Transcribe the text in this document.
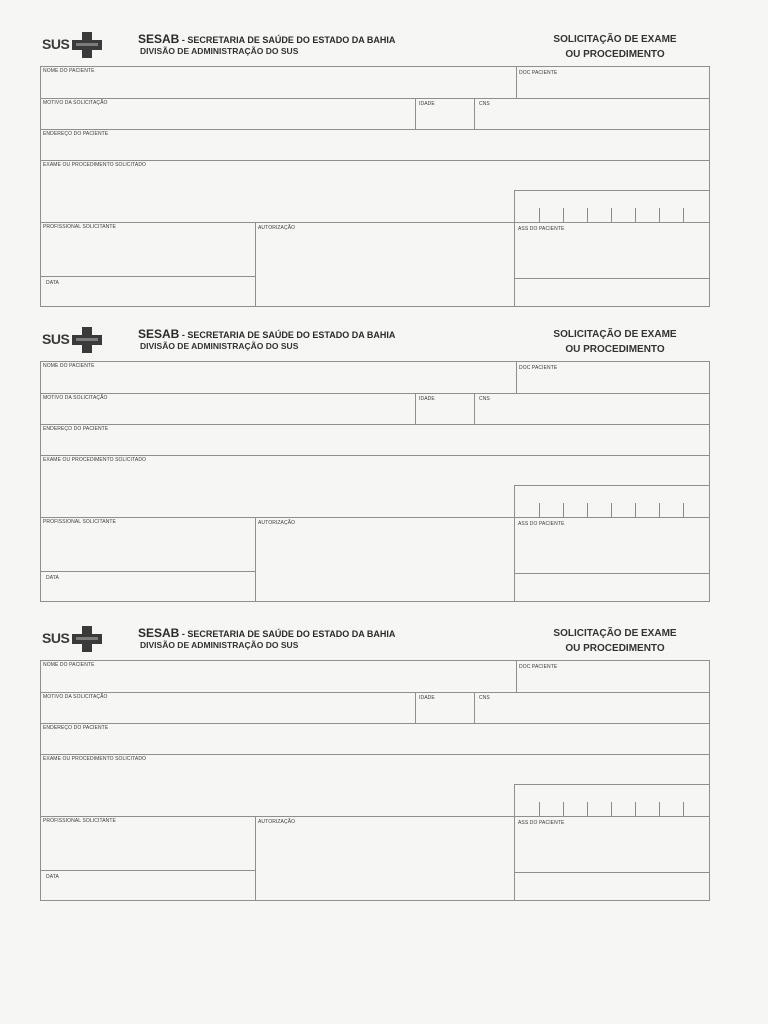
SUS	SESAB - SECRETARIA DE SAÚDE DO ESTADO DA BAHIA
DIVISÃO DE ADMINISTRAÇÃO DO SUS
SOLICITAÇÃO DE EXAME
OU PROCEDIMENTO
NOME DO PACIENTE	DOC PACIENTE
MOTIVO DA SOLICITAÇÃO	IDADE	CNS
ENDEREÇO DO PACIENTE
EXAME OU PROCEDIMENTO SOLICITADO
PROFISSIONAL SOLICITANTE	AUTORIZAÇÃO	ASS DO PACIENTE
DATA
SUS	SESAB - SECRETARIA DE SAÚDE DO ESTADO DA BAHIA
DIVISÃO DE ADMINISTRAÇÃO DO SUS
SOLICITAÇÃO DE EXAME
OU PROCEDIMENTO
NOME DO PACIENTE	DOC PACIENTE
MOTIVO DA SOLICITAÇÃO	IDADE	CNS
ENDEREÇO DO PACIENTE
EXAME OU PROCEDIMENTO SOLICITADO
PROFISSIONAL SOLICITANTE	AUTORIZAÇÃO	ASS DO PACIENTE
DATA
SUS	SESAB - SECRETARIA DE SAÚDE DO ESTADO DA BAHIA
DIVISÃO DE ADMINISTRAÇÃO DO SUS
SOLICITAÇÃO DE EXAME
OU PROCEDIMENTO
NOME DO PACIENTE	DOC PACIENTE
MOTIVO DA SOLICITAÇÃO	IDADE	CNS
ENDEREÇO DO PACIENTE
EXAME OU PROCEDIMENTO SOLICITADO
PROFISSIONAL SOLICITANTE	AUTORIZAÇÃO	ASS DO PACIENTE
DATA
